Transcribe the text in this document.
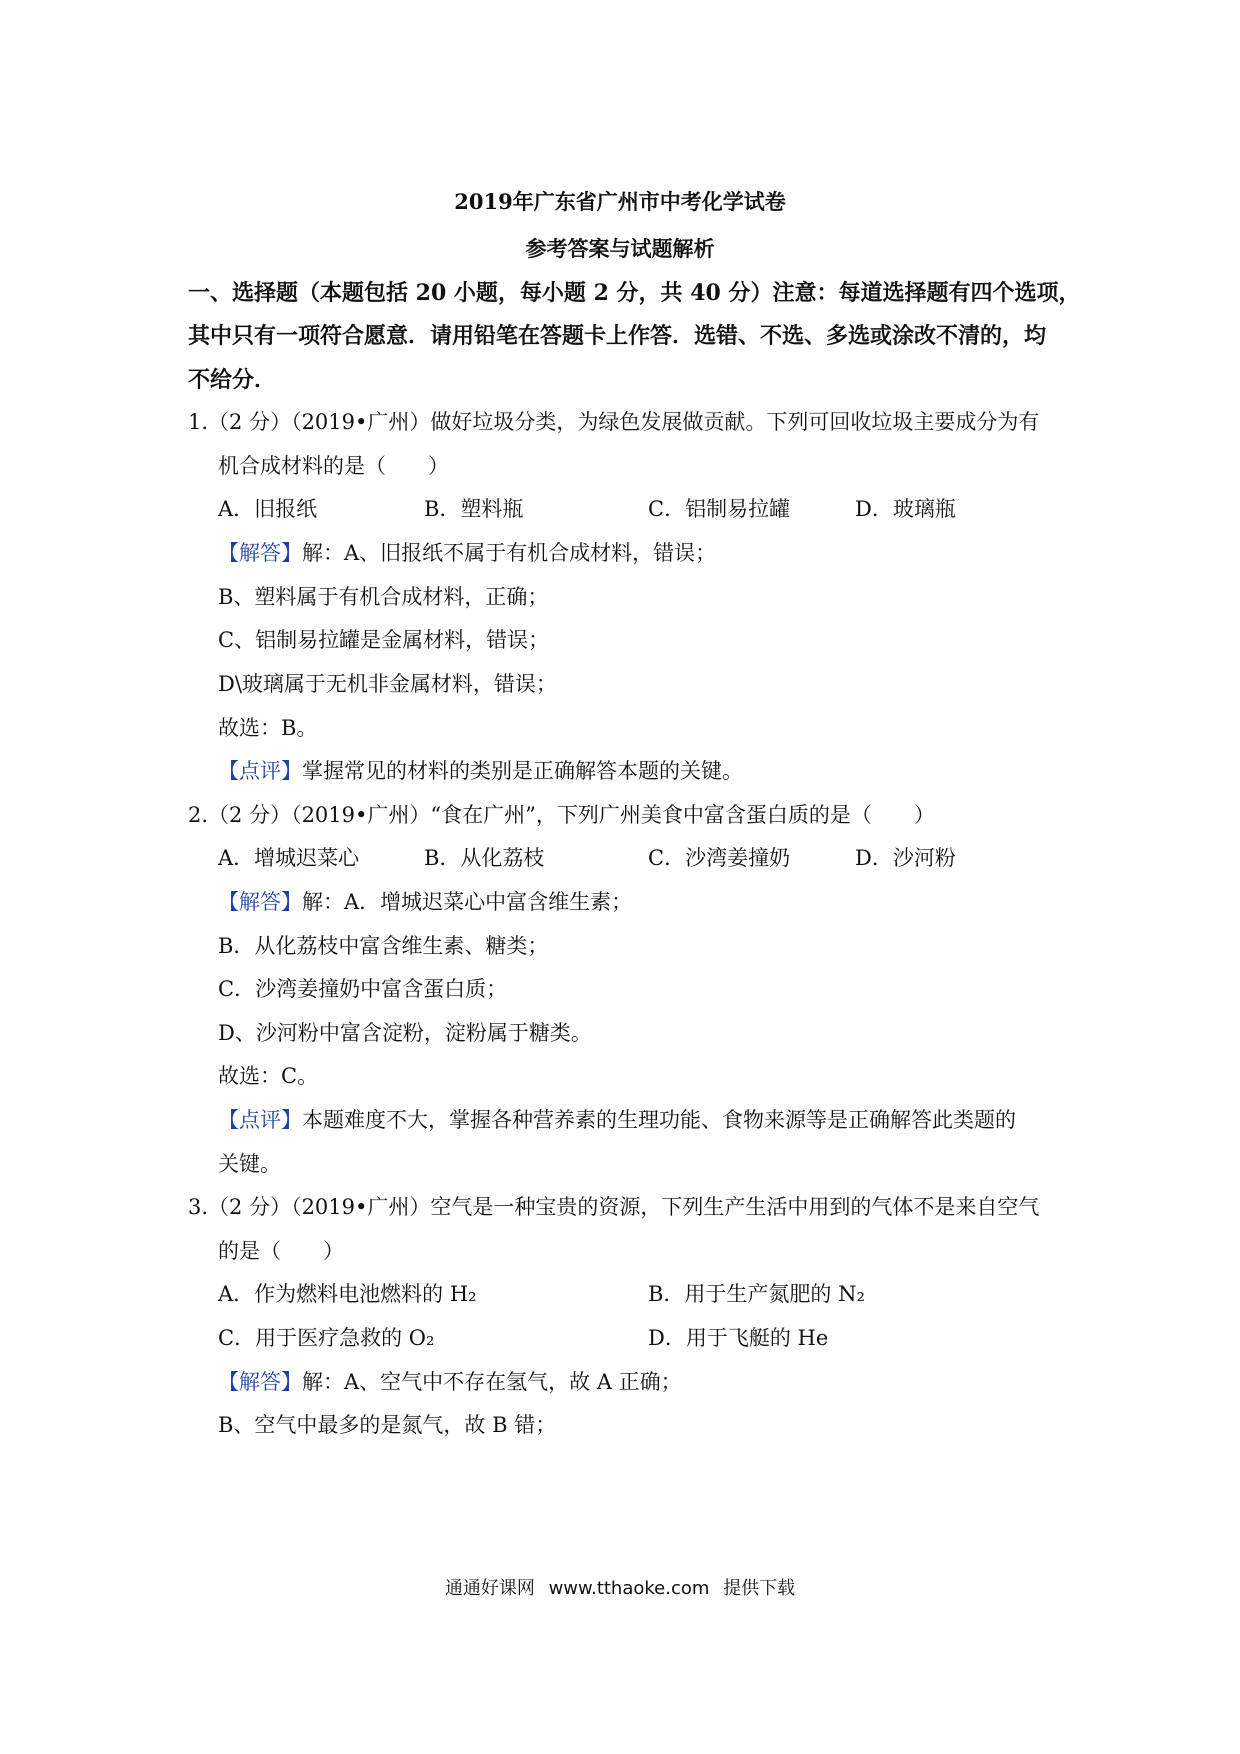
2019年广东省广州市中考化学试卷
参考答案与试题解析
一、选择题（本题包括 20 小题，每小题 2 分，共 40 分）注意：每道选择题有四个选项，
其中只有一项符合愿意．请用铅笔在答题卡上作答．选错、不选、多选或涂改不清的，均
不给分．
1.（2 分）（2019•广州）做好垃圾分类，为绿色发展做贡献。下列可回收垃圾主要成分为有
机合成材料的是（　　）
A．旧报纸	B．塑料瓶	C．铝制易拉罐	D．玻璃瓶
【解答】解：A、旧报纸不属于有机合成材料，错误；
B、塑料属于有机合成材料，正确；
C、铝制易拉罐是金属材料，错误；
D\玻璃属于无机非金属材料，错误；
故选：B。
【点评】掌握常见的材料的类别是正确解答本题的关键。
2.（2 分）（2019•广州）“食在广州”，下列广州美食中富含蛋白质的是（　　）
A．增城迟菜心	B．从化荔枝	C．沙湾姜撞奶	D．沙河粉
【解答】解：A．增城迟菜心中富含维生素；
B．从化荔枝中富含维生素、糖类；
C．沙湾姜撞奶中富含蛋白质；
D、沙河粉中富含淀粉，淀粉属于糖类。
故选：C。
【点评】本题难度不大，掌握各种营养素的生理功能、食物来源等是正确解答此类题的
关键。
3.（2 分）（2019•广州）空气是一种宝贵的资源，下列生产生活中用到的气体不是来自空气
的是（　　）
A．作为燃料电池燃料的 H₂	B．用于生产氮肥的 N₂
C．用于医疗急救的 O₂	D．用于飞艇的 He
【解答】解：A、空气中不存在氢气，故 A 正确；
B、空气中最多的是氮气，故 B 错；
通通好课网 www.tthaoke.com 提供下载
